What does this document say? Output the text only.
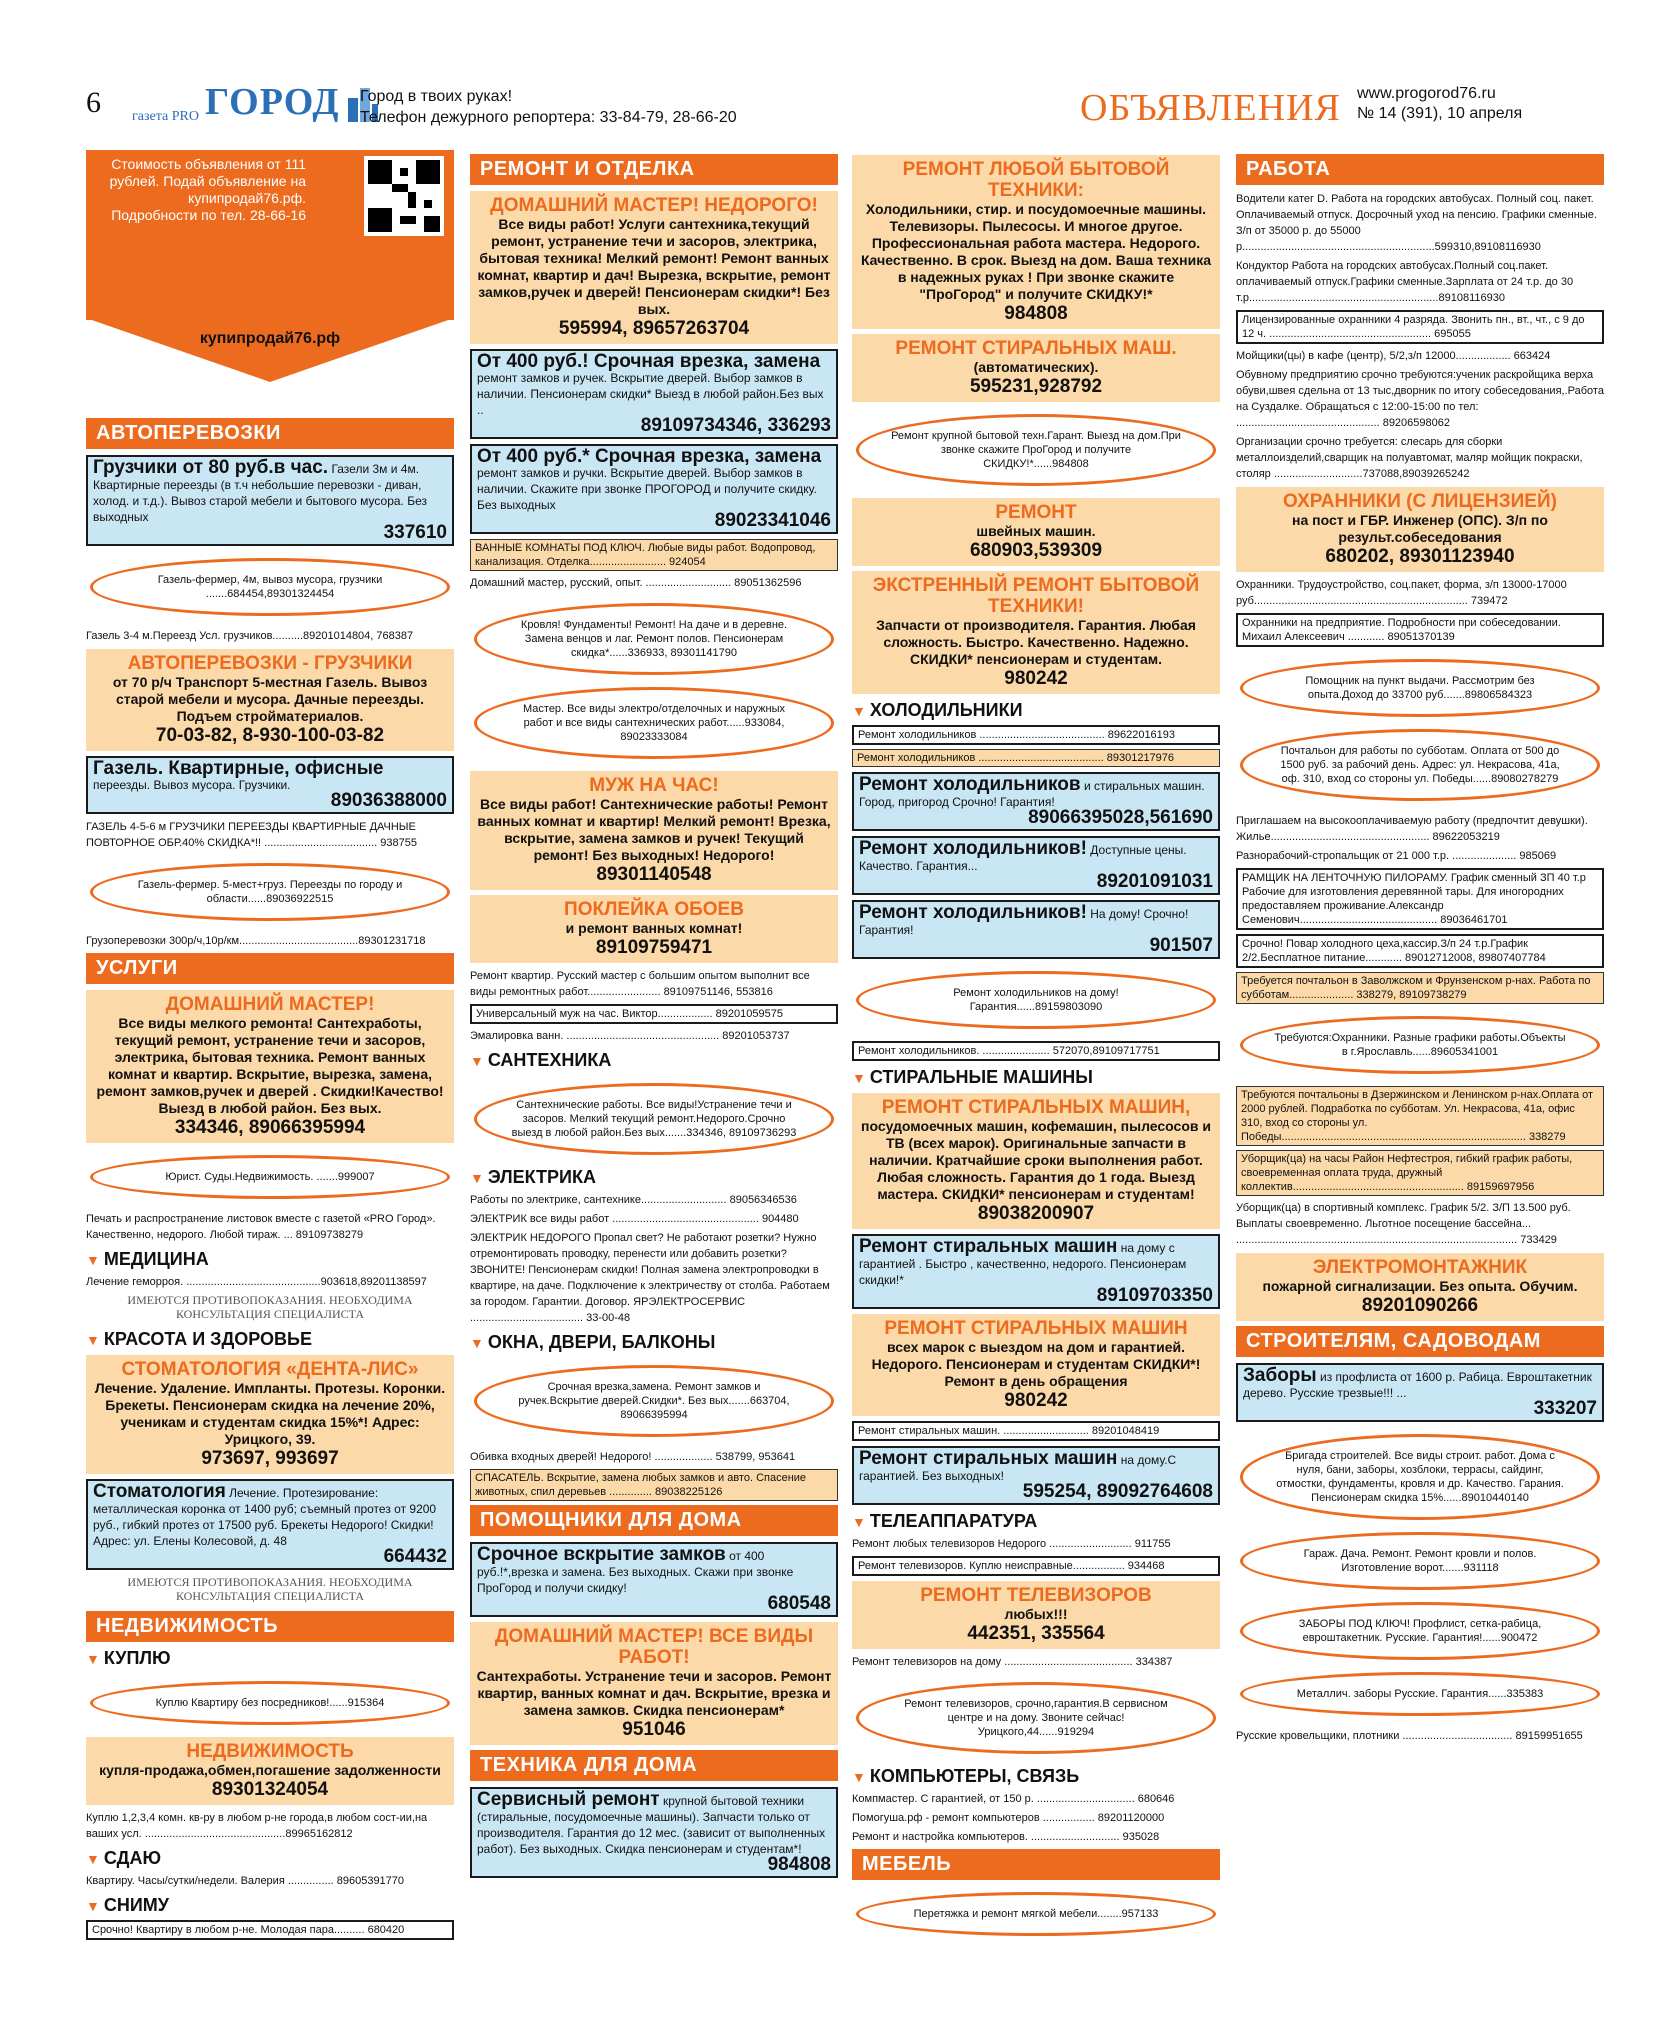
6 газета PRO ГОРОД Город в твоих руках!
Телефон дежурного репортера: 33-84-79, 28-66-20	ОБЪЯВЛЕНИЯ www.progorod76.ru
№ 14 (391), 10 апреля
Стоимость объявления от 111 рублей. Подай объявление на купипродай76.рф. Подробности по тел. 28-66-16
ОБЪЯВЛЕНИЯ
купипродай76.рф
АВТОПЕРЕВОЗКИ
Грузчики от 80 руб.в час. Газели 3м и 4м. Квартирные переезды (в т.ч небольшие перевозки - диван, холод. и т.д.). Вывоз старой мебели и бытового мусора. Без выходных
337610
Газель-фермер, 4м, вывоз мусора, грузчики .......684454,89301324454
Газель 3-4 м.Переезд Усл. грузчиков..........89201014804, 768387
АВТОПЕРЕВОЗКИ - ГРУЗЧИКИ
от 70 р/ч Транспорт 5-местная Газель. Вывоз старой мебели и мусора. Дачные переезды. Подъем стройматериалов.
70-03-82, 8-930-100-03-82
Газель. Квартирные, офисные
переезды. Вывоз мусора. Грузчики.
89036388000
ГАЗЕЛЬ 4-5-6 м ГРУЗЧИКИ ПЕРЕЕЗДЫ КВАРТИРНЫЕ ДАЧНЫЕ ПОВТОРНОЕ ОБР.40% СКИДКА*!! ..................................... 938755
Газель-фермер. 5-мест+груз. Переезды по городу и области......89036922515
Грузоперевозки 300р/ч,10р/км.......................................89301231718
УСЛУГИ
ДОМАШНИЙ МАСТЕР!
Все виды мелкого ремонта! Сантехработы, текущий ремонт, устранение течи и засоров, электрика, бытовая техника. Ремонт ванных комнат и квартир. Вскрытие, вырезка, замена, ремонт замков,ручек и дверей . Скидки!Качество! Выезд в любой район. Без вых.
334346, 89066395994
Юрист. Суды.Недвижимость. .......999007
Печать и распространение листовок вместе с газетой «PRO Город». Качественно, недорого. Любой тираж. ... 89109738279
▼ МЕДИЦИНА
Лечение геморроя. ............................................903618,89201138597
ИМЕЮТСЯ ПРОТИВОПОКАЗАНИЯ. НЕОБХОДИМА КОНСУЛЬТАЦИЯ СПЕЦИАЛИСТА
▼ КРАСОТА И ЗДОРОВЬЕ
СТОМАТОЛОГИЯ «ДЕНТА-ЛИС»
Лечение. Удаление. Импланты. Протезы. Коронки. Брекеты. Пенсионерам скидка на лечение 20%, ученикам и студентам скидка 15%*! Адрес: Урицкого, 39.
973697, 993697
Стоматология Лечение. Протезирование: металлическая коронка от 1400 руб; съемный протез от 9200 руб., гибкий протез от 17500 руб. Брекеты Недорого! Скидки! Адрес: ул. Елены Колесовой, д. 48
664432
ИМЕЮТСЯ ПРОТИВОПОКАЗАНИЯ. НЕОБХОДИМА КОНСУЛЬТАЦИЯ СПЕЦИАЛИСТА
НЕДВИЖИМОСТЬ
▼ КУПЛЮ
Куплю Квартиру без посредников!......915364
НЕДВИЖИМОСТЬ
купля-продажа,обмен,погашение задолженности
89301324054
Куплю 1,2,3,4 комн. кв-ру в любом р-не города,в любом сост-ии,на ваших усл. ..............................................89965162812
▼ СДАЮ
Квартиру. Часы/сутки/недели. Валерия ............... 89605391770
▼ СНИМУ
Срочно! Квартиру в любом р-не. Молодая пара.......... 680420
РЕМОНТ И ОТДЕЛКА
ДОМАШНИЙ МАСТЕР! НЕДОРОГО!
Все виды работ! Услуги сантехника,текущий ремонт, устранение течи и засоров, электрика, бытовая техника! Мелкий ремонт! Ремонт ванных комнат, квартир и дач! Вырезка, вскрытие, ремонт замков,ручек и дверей! Пенсионерам скидки*! Без вых.
595994, 89657263704
От 400 руб.! Срочная врезка, замена
ремонт замков и ручек. Вскрытие дверей. Выбор замков в наличии. Пенсионерам скидки* Выезд в любой район.Без вых ..
89109734346, 336293
От 400 руб.* Срочная врезка, замена
ремонт замков и ручки. Вскрытие дверей. Выбор замков в наличии. Скажите при звонке ПРОГОРОД и получите скидку. Без выходных
89023341046
ВАННЫЕ КОМНАТЫ ПОД КЛЮЧ. Любые виды работ. Водопровод, канализация. Отделка......................... 924054
Домашний мастер, русский, опыт. ............................ 89051362596
Кровля! Фундаменты! Ремонт! На даче и в деревне. Замена венцов и лаг. Ремонт полов. Пенсионерам скидка*......336933, 89301141790
Мастер. Все виды электро/отделочных и наружных работ и все виды сантехнических работ......933084, 89023333084
МУЖ НА ЧАС!
Все виды работ! Сантехнические работы! Ремонт ванных комнат и квартир! Мелкий ремонт! Врезка, вскрытие, замена замков и ручек! Текущий ремонт! Без выходных! Недорого!
89301140548
ПОКЛЕЙКА ОБОЕВ
и ремонт ванных комнат!
89109759471
Ремонт квартир. Русский мастер с большим опытом выполнит все виды ремонтных работ........................ 89109751146, 553816
Универсальный муж на час. Виктор.................. 89201059575
Эмалировка ванн. .................................................. 89201053737
▼ САНТЕХНИКА
Сантехнические работы. Все виды!Устранение течи и засоров. Мелкий текущий ремонт.Недорого.Срочно выезд в любой район.Без вых.......334346, 89109736293
▼ ЭЛЕКТРИКА
Работы по электрике, сантехнике............................ 89056346536
ЭЛЕКТРИК все виды работ ................................................ 904480
ЭЛЕКТРИК НЕДОРОГО Пропал свет? Не работают розетки? Нужно отремонтировать проводку, перенести или добавить розетки? ЗВОНИТЕ! Пенсионерам скидки! Полная замена электропроводки в квартире, на даче. Подключение к электричеству от столба. Работаем за городом. Гарантии. Договор. ЯРЭЛЕКТРОСЕРВИС ..................................... 33-00-48
▼ ОКНА, ДВЕРИ, БАЛКОНЫ
Срочная врезка,замена. Ремонт замков и ручек.Вскрытие дверей.Скидки*. Без вых.......663704, 89066395994
Обивка входных дверей! Недорого! ................... 538799, 953641
СПАСАТЕЛЬ. Вскрытие, замена любых замков и авто. Спасение животных, спил деревьев .............. 89038225126
ПОМОЩНИКИ ДЛЯ ДОМА
Срочное вскрытие замков от 400 руб.!*,врезка и замена. Без выходных. Скажи при звонке ПроГород и получи скидку!
680548
ДОМАШНИЙ МАСТЕР! ВСЕ ВИДЫ РАБОТ!
Сантехработы. Устранение течи и засоров. Ремонт квартир, ванных комнат и дач. Вскрытие, врезка и замена замков. Скидка пенсионерам*
951046
ТЕХНИКА ДЛЯ ДОМА
Сервисный ремонт крупной бытовой техники (стиральные, посудомоечные машины). Запчасти только от производителя. Гарантия до 12 мес. (зависит от выполненных работ). Без выходных. Скидка пенсионерам и студентам*!
984808
РЕМОНТ ЛЮБОЙ БЫТОВОЙ ТЕХНИКИ:
Холодильники, стир. и посудомоечные машины. Телевизоры. Пылесосы. И многое другое. Профессиональная работа мастера. Недорого. Качественно. В срок. Выезд на дом. Ваша техника в надежных руках ! При звонке скажите "ПроГород" и получите СКИДКУ!*
984808
РЕМОНТ СТИРАЛЬНЫХ МАШ.
(автоматических).
595231,928792
Ремонт крупной бытовой техн.Гарант. Выезд на дом.При звонке скажите ПроГород и получите СКИДКУ!*......984808
РЕМОНТ
швейных машин.
680903,539309
ЭКСТРЕННЫЙ РЕМОНТ БЫТОВОЙ ТЕХНИКИ!
Запчасти от производителя. Гарантия. Любая сложность. Быстро. Качественно. Надежно. СКИДКИ* пенсионерам и студентам.
980242
▼ ХОЛОДИЛЬНИКИ
Ремонт холодильников ......................................... 89622016193
Ремонт холодильников ......................................... 89301217976
Ремонт холодильников и стиральных машин. Город, пригород Срочно! Гарантия!
89066395028,561690
Ремонт холодильников! Доступные цены. Качество. Гарантия...
89201091031
Ремонт холодильников! На дому! Срочно! Гарантия!
901507
Ремонт холодильников на дому! Гарантия......89159803090
Ремонт холодильников. ...................... 572070,89109717751
▼ СТИРАЛЬНЫЕ МАШИНЫ
РЕМОНТ СТИРАЛЬНЫХ МАШИН,
посудомоечных машин, кофемашин, пылесосов и ТВ (всех марок). Оригинальные запчасти в наличии. Кратчайшие сроки выполнения работ. Любая сложность. Гарантия до 1 года. Выезд мастера. СКИДКИ* пенсионерам и студентам!
89038200907
Ремонт стиральных машин на дому с гарантией . Быстро , качественно, недорого. Пенсионерам скидки!*
89109703350
РЕМОНТ СТИРАЛЬНЫХ МАШИН
всех марок с выездом на дом и гарантией. Недорого. Пенсионерам и студентам СКИДКИ*! Ремонт в день обращения
980242
Ремонт стиральных машин. ............................ 89201048419
Ремонт стиральных машин на дому.С гарантией. Без выходных!
595254, 89092764608
▼ ТЕЛЕАППАРАТУРА
Ремонт любых телевизоров Недорого ........................... 911755
Ремонт телевизоров. Куплю неисправные................. 934468
РЕМОНТ ТЕЛЕВИЗОРОВ
любых!!!
442351, 335564
Ремонт телевизоров на дому .......................................... 334387
Ремонт телевизоров, срочно,гарантия.В сервисном центре и на дому. Звоните сейчас! Урицкого,44......919294
▼ КОМПЬЮТЕРЫ, СВЯЗЬ
Компмастер. С гарантией, от 150 р. ................................ 680646
Помогуша.рф - ремонт компьютеров ................. 89201120000
Ремонт и настройка компьютеров. ............................. 935028
МЕБЕЛЬ
Перетяжка и ремонт мягкой мебели........957133
РАБОТА
Водители катег D. Работа на городских автобусах. Полный соц. пакет. Оплачиваемый отпуск. Досрочный уход на пенсию. Графики сменные. З/п от 35000 р. до 55000 р...............................................................599310,89108116930
Кондуктор Работа на городских автобусах.Полный соц.пакет. оплачиваемый отпуск.Графики сменные.Зарплата от 24 т.р. до 30 т.р..............................................................89108116930
Лицензированные охранники 4 разряда. Звонить пн., вт., чт., с 9 до 12 ч. ..................................................... 695055
Мойщики(цы) в кафе (центр), 5/2,з/п 12000.................. 663424
Обувному предприятию срочно требуются:ученик раскройщика верха обуви,швея сдельна от 13 тыс,дворник по итогу собеседования,.Работа на Суздалке. Обращаться с 12:00-15:00 по тел: ............................................... 89206598062
Организации срочно требуется: слесарь для сборки металлоизделий,сварщик на полуавтомат, маляр мойщик покраски, столяр .............................737088,89039265242
ОХРАННИКИ (С ЛИЦЕНЗИЕЙ)
на пост и ГБР. Инженер (ОПС). З/п по результ.собеседования
680202, 89301123940
Охранники. Трудоустройство, соц.пакет, форма, з/п 13000-17000 руб...................................................................... 739472
Охранники на предприятие. Подробности при собеседовании. Михаил Алексеевич ............ 89051370139
Помощник на пункт выдачи. Рассмотрим без опыта.Доход до 33700 руб.......89806584323
Почтальон для работы по субботам. Оплата от 500 до 1500 руб. за рабочий день. Адрес: ул. Некрасова, 41а, оф. 310, вход со стороны ул. Победы......89080278279
Приглашаем на высокооплачиваемую работу (предпочтит девушки). Жилье.................................................... 89622053219
Разнорабочий-стропальщик от 21 000 т.р. ..................... 985069
РАМЩИК НА ЛЕНТОЧНУЮ ПИЛОРАМУ. График сменный ЗП 40 т.р Рабочие для изготовления деревянной тары. Для иногородних предоставляем проживание.Александр Семенович............................................. 89036461701
Срочно! Повар холодного цеха,кассир.З/п 24 т.р.График 2/2.Бесплатное питание............ 89012712008, 89807407784
Требуется почтальон в Заволжском и Фрунзенском р-нах. Работа по субботам..................... 338279, 89109738279
Требуются:Охранники. Разные графики работы.Объекты в г.Ярославль......89605341001
Требуются почтальоны в Дзержинском и Ленинском р-нах.Оплата от 2000 рублей. Подработка по субботам. Ул. Некрасова, 41а, офис 310, вход со стороны ул. Победы................................................................................ 338279
Уборщик(ца) на часы Район Нефтестроя, гибкий график работы, своевременная оплата труда, дружный коллектив........................................................ 89159697956
Уборщик(ца) в спортивный комплекс. График 5/2. З/П 13.500 руб. Выплаты своевременно. Льготное посещение бассейна... ............................................................................................ 733429
ЭЛЕКТРОМОНТАЖНИК
пожарной сигнализации. Без опыта. Обучим.
89201090266
СТРОИТЕЛЯМ, САДОВОДАМ
Заборы из профлиста от 1600 р. Рабица. Евроштакетник дерево. Русские трезвые!!! ...
333207
Бригада строителей. Все виды строит. работ. Дома с нуля, бани, заборы, хозблоки, террасы, сайдинг, отмостки, фундаменты, кровля и др. Качество. Гарания. Пенсионерам скидка 15%......89010440140
Гараж. Дача. Ремонт. Ремонт кровли и полов. Изготовление ворот.......931118
ЗАБОРЫ ПОД КЛЮЧ! Профлист, сетка-рабица, евроштакетник. Русские. Гарантия!......900472
Металлич. заборы Русские. Гарантия......335383
Русские кровельщики, плотники .................................... 89159951655
